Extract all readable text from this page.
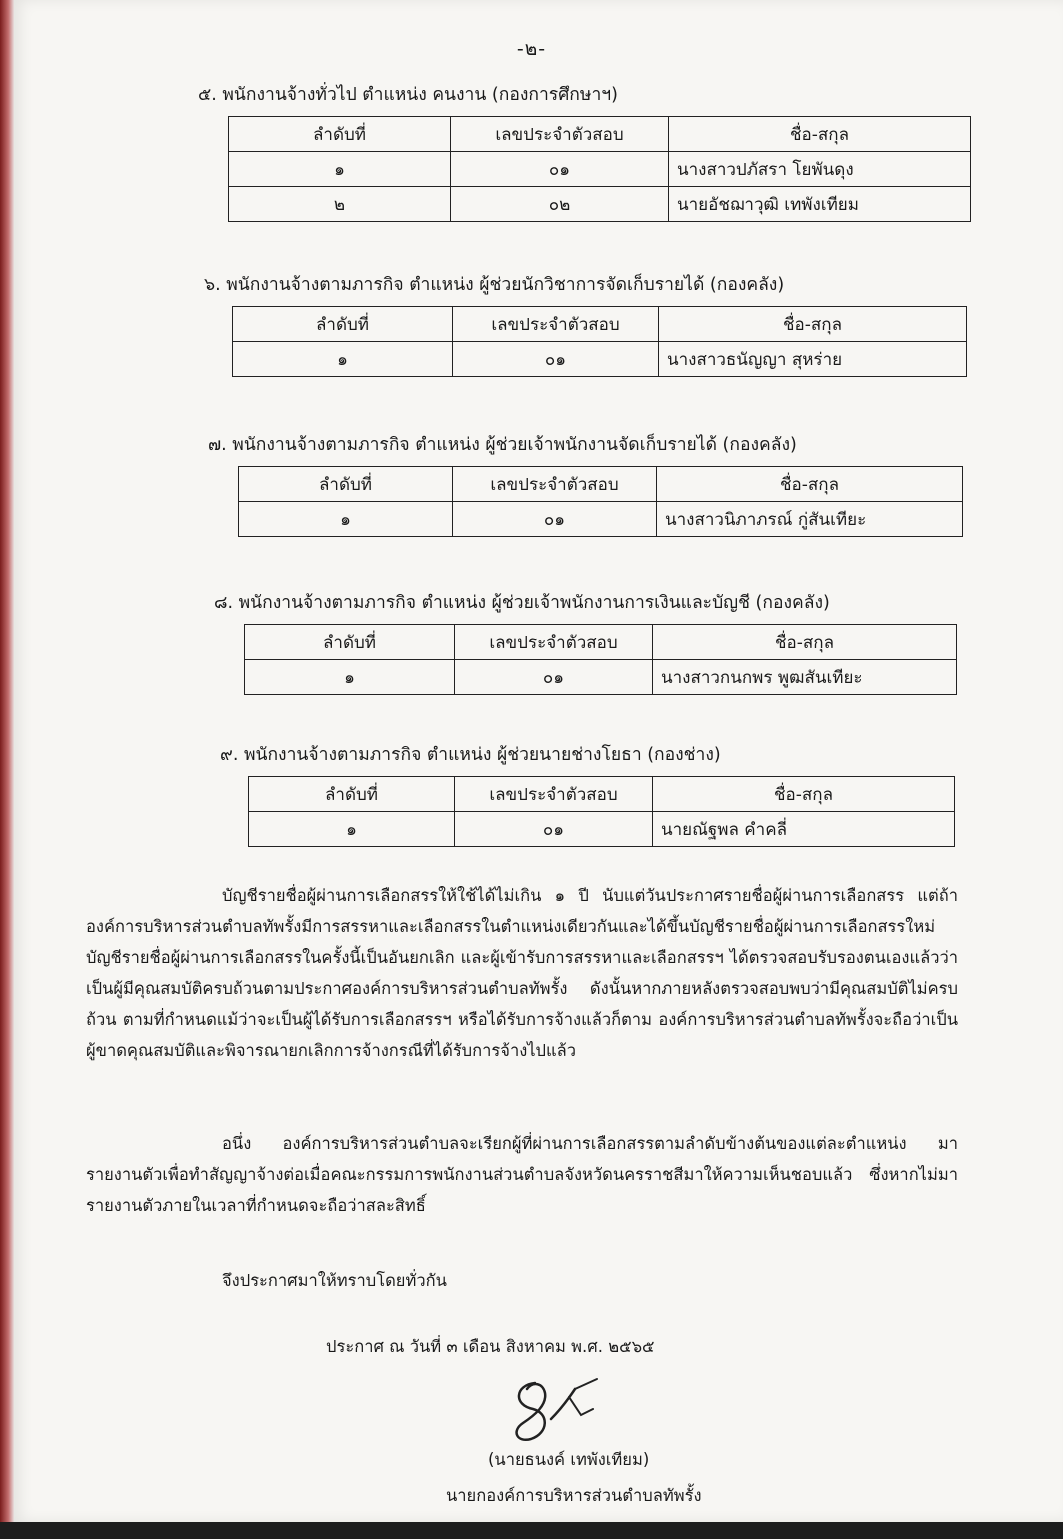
-๒-
๕. พนักงานจ้างทั่วไป ตำแหน่ง คนงาน (กองการศึกษาฯ)
ลำดับที่	เลขประจำตัวสอบ	ชื่อ-สกุล
๑	๐๑	นางสาวปภัสรา โยพันดุง
๒	๐๒	นายอัชฌาวุฒิ เทพังเทียม
๖. พนักงานจ้างตามภารกิจ ตำแหน่ง ผู้ช่วยนักวิชาการจัดเก็บรายได้ (กองคลัง)
ลำดับที่	เลขประจำตัวสอบ	ชื่อ-สกุล
๑	๐๑	นางสาวธนัญญา สุหร่าย
๗. พนักงานจ้างตามภารกิจ ตำแหน่ง ผู้ช่วยเจ้าพนักงานจัดเก็บรายได้ (กองคลัง)
ลำดับที่	เลขประจำตัวสอบ	ชื่อ-สกุล
๑	๐๑	นางสาวนิภาภรณ์ กู่สันเทียะ
๘. พนักงานจ้างตามภารกิจ ตำแหน่ง ผู้ช่วยเจ้าพนักงานการเงินและบัญชี (กองคลัง)
ลำดับที่	เลขประจำตัวสอบ	ชื่อ-สกุล
๑	๐๑	นางสาวกนกพร พูฒสันเทียะ
๙. พนักงานจ้างตามภารกิจ ตำแหน่ง ผู้ช่วยนายช่างโยธา (กองช่าง)
ลำดับที่	เลขประจำตัวสอบ	ชื่อ-สกุล
๑	๐๑	นายณัฐพล คำคลี่
บัญชีรายชื่อผู้ผ่านการเลือกสรรให้ใช้ได้ไม่เกิน ๑ ปี นับแต่วันประกาศรายชื่อผู้ผ่านการเลือกสรร แต่ถ้าองค์การบริหารส่วนตำบลทัพรั้งมีการสรรหาและเลือกสรรในตำแหน่งเดียวกันและได้ขึ้นบัญชีรายชื่อผู้ผ่านการเลือกสรรใหม่ บัญชีรายชื่อผู้ผ่านการเลือกสรรในครั้งนี้เป็นอันยกเลิก และผู้เข้ารับการสรรหาและเลือกสรรฯ ได้ตรวจสอบรับรองตนเองแล้วว่าเป็นผู้มีคุณสมบัติครบถ้วนตามประกาศองค์การบริหารส่วนตำบลทัพรั้ง ดังนั้นหากภายหลังตรวจสอบพบว่ามีคุณสมบัติไม่ครบถ้วน ตามที่กำหนดแม้ว่าจะเป็นผู้ได้รับการเลือกสรรฯ หรือได้รับการจ้างแล้วก็ตาม องค์การบริหารส่วนตำบลทัพรั้งจะถือว่าเป็นผู้ขาดคุณสมบัติและพิจารณายกเลิกการจ้างกรณีที่ได้รับการจ้างไปแล้ว
อนึ่ง องค์การบริหารส่วนตำบลจะเรียกผู้ที่ผ่านการเลือกสรรตามลำดับข้างต้นของแต่ละตำแหน่ง มารายงานตัวเพื่อทำสัญญาจ้างต่อเมื่อคณะกรรมการพนักงานส่วนตำบลจังหวัดนครราชสีมาให้ความเห็นชอบแล้ว ซึ่งหากไม่มารายงานตัวภายในเวลาที่กำหนดจะถือว่าสละสิทธิ์
จึงประกาศมาให้ทราบโดยทั่วกัน
ประกาศ ณ วันที่ ๓ เดือน สิงหาคม พ.ศ. ๒๕๖๕
(นายธนงค์ เทพังเทียม)
นายกองค์การบริหารส่วนตำบลทัพรั้ง
